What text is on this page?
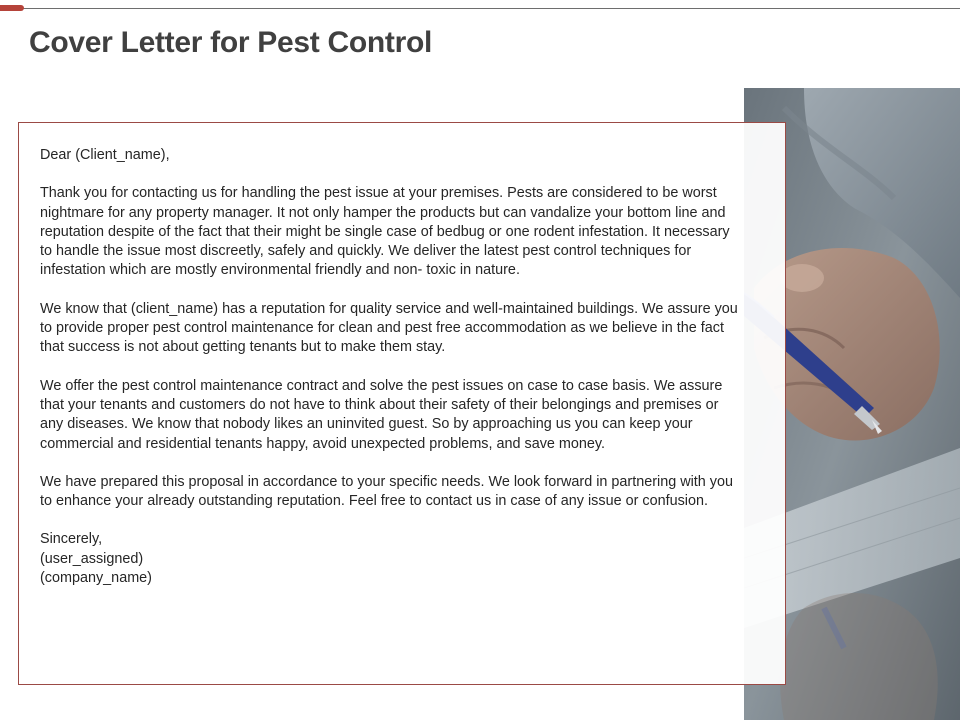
Cover Letter for Pest Control

Dear (Client_name),

Thank you for contacting us for handling the pest issue at your premises. Pests are considered to be worst nightmare for any property manager. It not only hamper the products but can vandalize your bottom line and reputation despite of the fact that their might be single case of bedbug or one rodent infestation. It necessary to handle the issue most discreetly, safely and quickly. We deliver the latest pest control techniques for infestation which are mostly environmental friendly and non- toxic in nature.

We know that (client_name) has a reputation for quality service and well-maintained buildings. We assure you to provide proper pest control maintenance for clean and pest free accommodation as we believe in the fact that success is not about getting tenants but to make them stay.

We offer the pest control maintenance contract and solve the pest issues on case to case basis. We assure that your tenants and customers do not have to think about their safety of their belongings and premises or any diseases. We know that nobody likes an uninvited guest. So by approaching us you can keep your commercial and residential tenants happy, avoid unexpected problems, and save money.

We have prepared this proposal in accordance to your specific needs. We look forward in partnering with you to enhance your already outstanding reputation. Feel free to contact us in case of any issue or confusion.

Sincerely,

(user_assigned)

(company_name)
